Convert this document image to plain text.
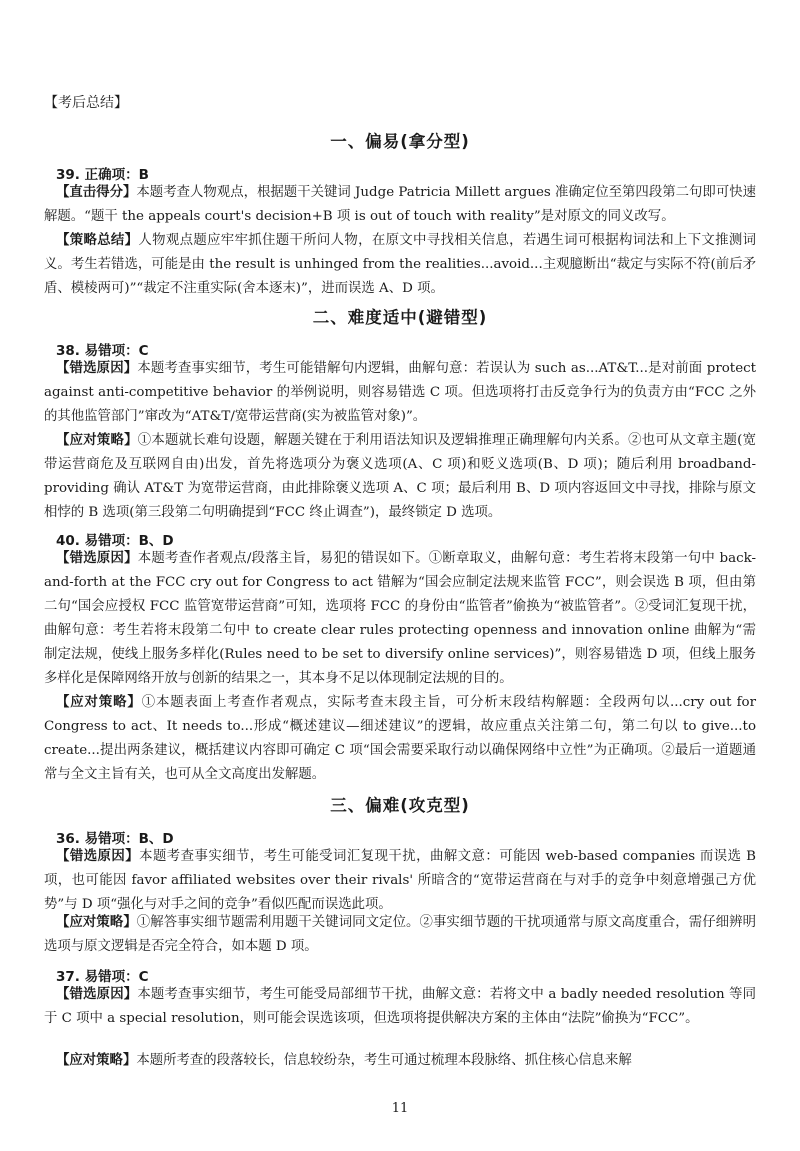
【考后总结】
一、偏易(拿分型)
39. 正确项：B
【直击得分】本题考查人物观点，根据题干关键词 Judge Patricia Millett argues 准确定位至第四段第二句即可快速解题。“题干 the appeals court's decision+B 项 is out of touch with reality”是对原文的同义改写。
【策略总结】人物观点题应牢牢抓住题干所问人物，在原文中寻找相关信息，若遇生词可根据构词法和上下文推测词义。考生若错选，可能是由 the result is unhinged from the realities...avoid...主观臆断出“裁定与实际不符(前后矛盾、模棱两可)”“裁定不注重实际(舍本逐末)”，进而误选 A、D 项。
二、难度适中(避错型)
38. 易错项：C
【错选原因】本题考查事实细节，考生可能错解句内逻辑，曲解句意：若误认为 such as...AT&T...是对前面 protect against anti-competitive behavior 的举例说明，则容易错选 C 项。但选项将打击反竞争行为的负责方由“FCC 之外的其他监管部门”窜改为“AT&T/宽带运营商(实为被监管对象)”。
【应对策略】①本题就长难句设题，解题关键在于利用语法知识及逻辑推理正确理解句内关系。②也可从文章主题(宽带运营商危及互联网自由)出发，首先将选项分为褒义选项(A、C 项)和贬义选项(B、D 项)；随后利用 broadband-providing 确认 AT&T 为宽带运营商，由此排除褒义选项 A、C 项；最后利用 B、D 项内容返回文中寻找，排除与原文相悖的 B 选项(第三段第二句明确提到“FCC 终止调查”)，最终锁定 D 选项。
40. 易错项：B、D
【错选原因】本题考查作者观点/段落主旨，易犯的错误如下。①断章取义，曲解句意：考生若将末段第一句中 back-and-forth at the FCC cry out for Congress to act 错解为“国会应制定法规来监管 FCC”，则会误选 B 项，但由第二句“国会应授权 FCC 监管宽带运营商”可知，选项将 FCC 的身份由“监管者”偷换为“被监管者”。②受词汇复现干扰，曲解句意：考生若将末段第二句中 to create clear rules protecting openness and innovation online 曲解为“需制定法规，使线上服务多样化(Rules need to be set to diversify online services)”，则容易错选 D 项，但线上服务多样化是保障网络开放与创新的结果之一，其本身不足以体现制定法规的目的。
【应对策略】①本题表面上考查作者观点，实际考查末段主旨，可分析末段结构解题：全段两句以...cry out for Congress to act、It needs to...形成“概述建议—细述建议”的逻辑，故应重点关注第二句，第二句以 to give...to create...提出两条建议，概括建议内容即可确定 C 项“国会需要采取行动以确保网络中立性”为正确项。②最后一道题通常与全文主旨有关，也可从全文高度出发解题。
三、偏难(攻克型)
36. 易错项：B、D
【错选原因】本题考查事实细节，考生可能受词汇复现干扰，曲解文意：可能因 web-based companies 而误选 B 项，也可能因 favor affiliated websites over their rivals' 所暗含的“宽带运营商在与对手的竞争中刻意增强己方优势”与 D 项“强化与对手之间的竞争”看似匹配而误选此项。
【应对策略】①解答事实细节题需利用题干关键词同文定位。②事实细节题的干扰项通常与原文高度重合，需仔细辨明选项与原文逻辑是否完全符合，如本题 D 项。
37. 易错项：C
【错选原因】本题考查事实细节，考生可能受局部细节干扰，曲解文意：若将文中 a badly needed resolution 等同于 C 项中 a special resolution，则可能会误选该项，但选项将提供解决方案的主体由“法院”偷换为“FCC”。
【应对策略】本题所考查的段落较长，信息较纷杂，考生可通过梳理本段脉络、抓住核心信息来解
11
